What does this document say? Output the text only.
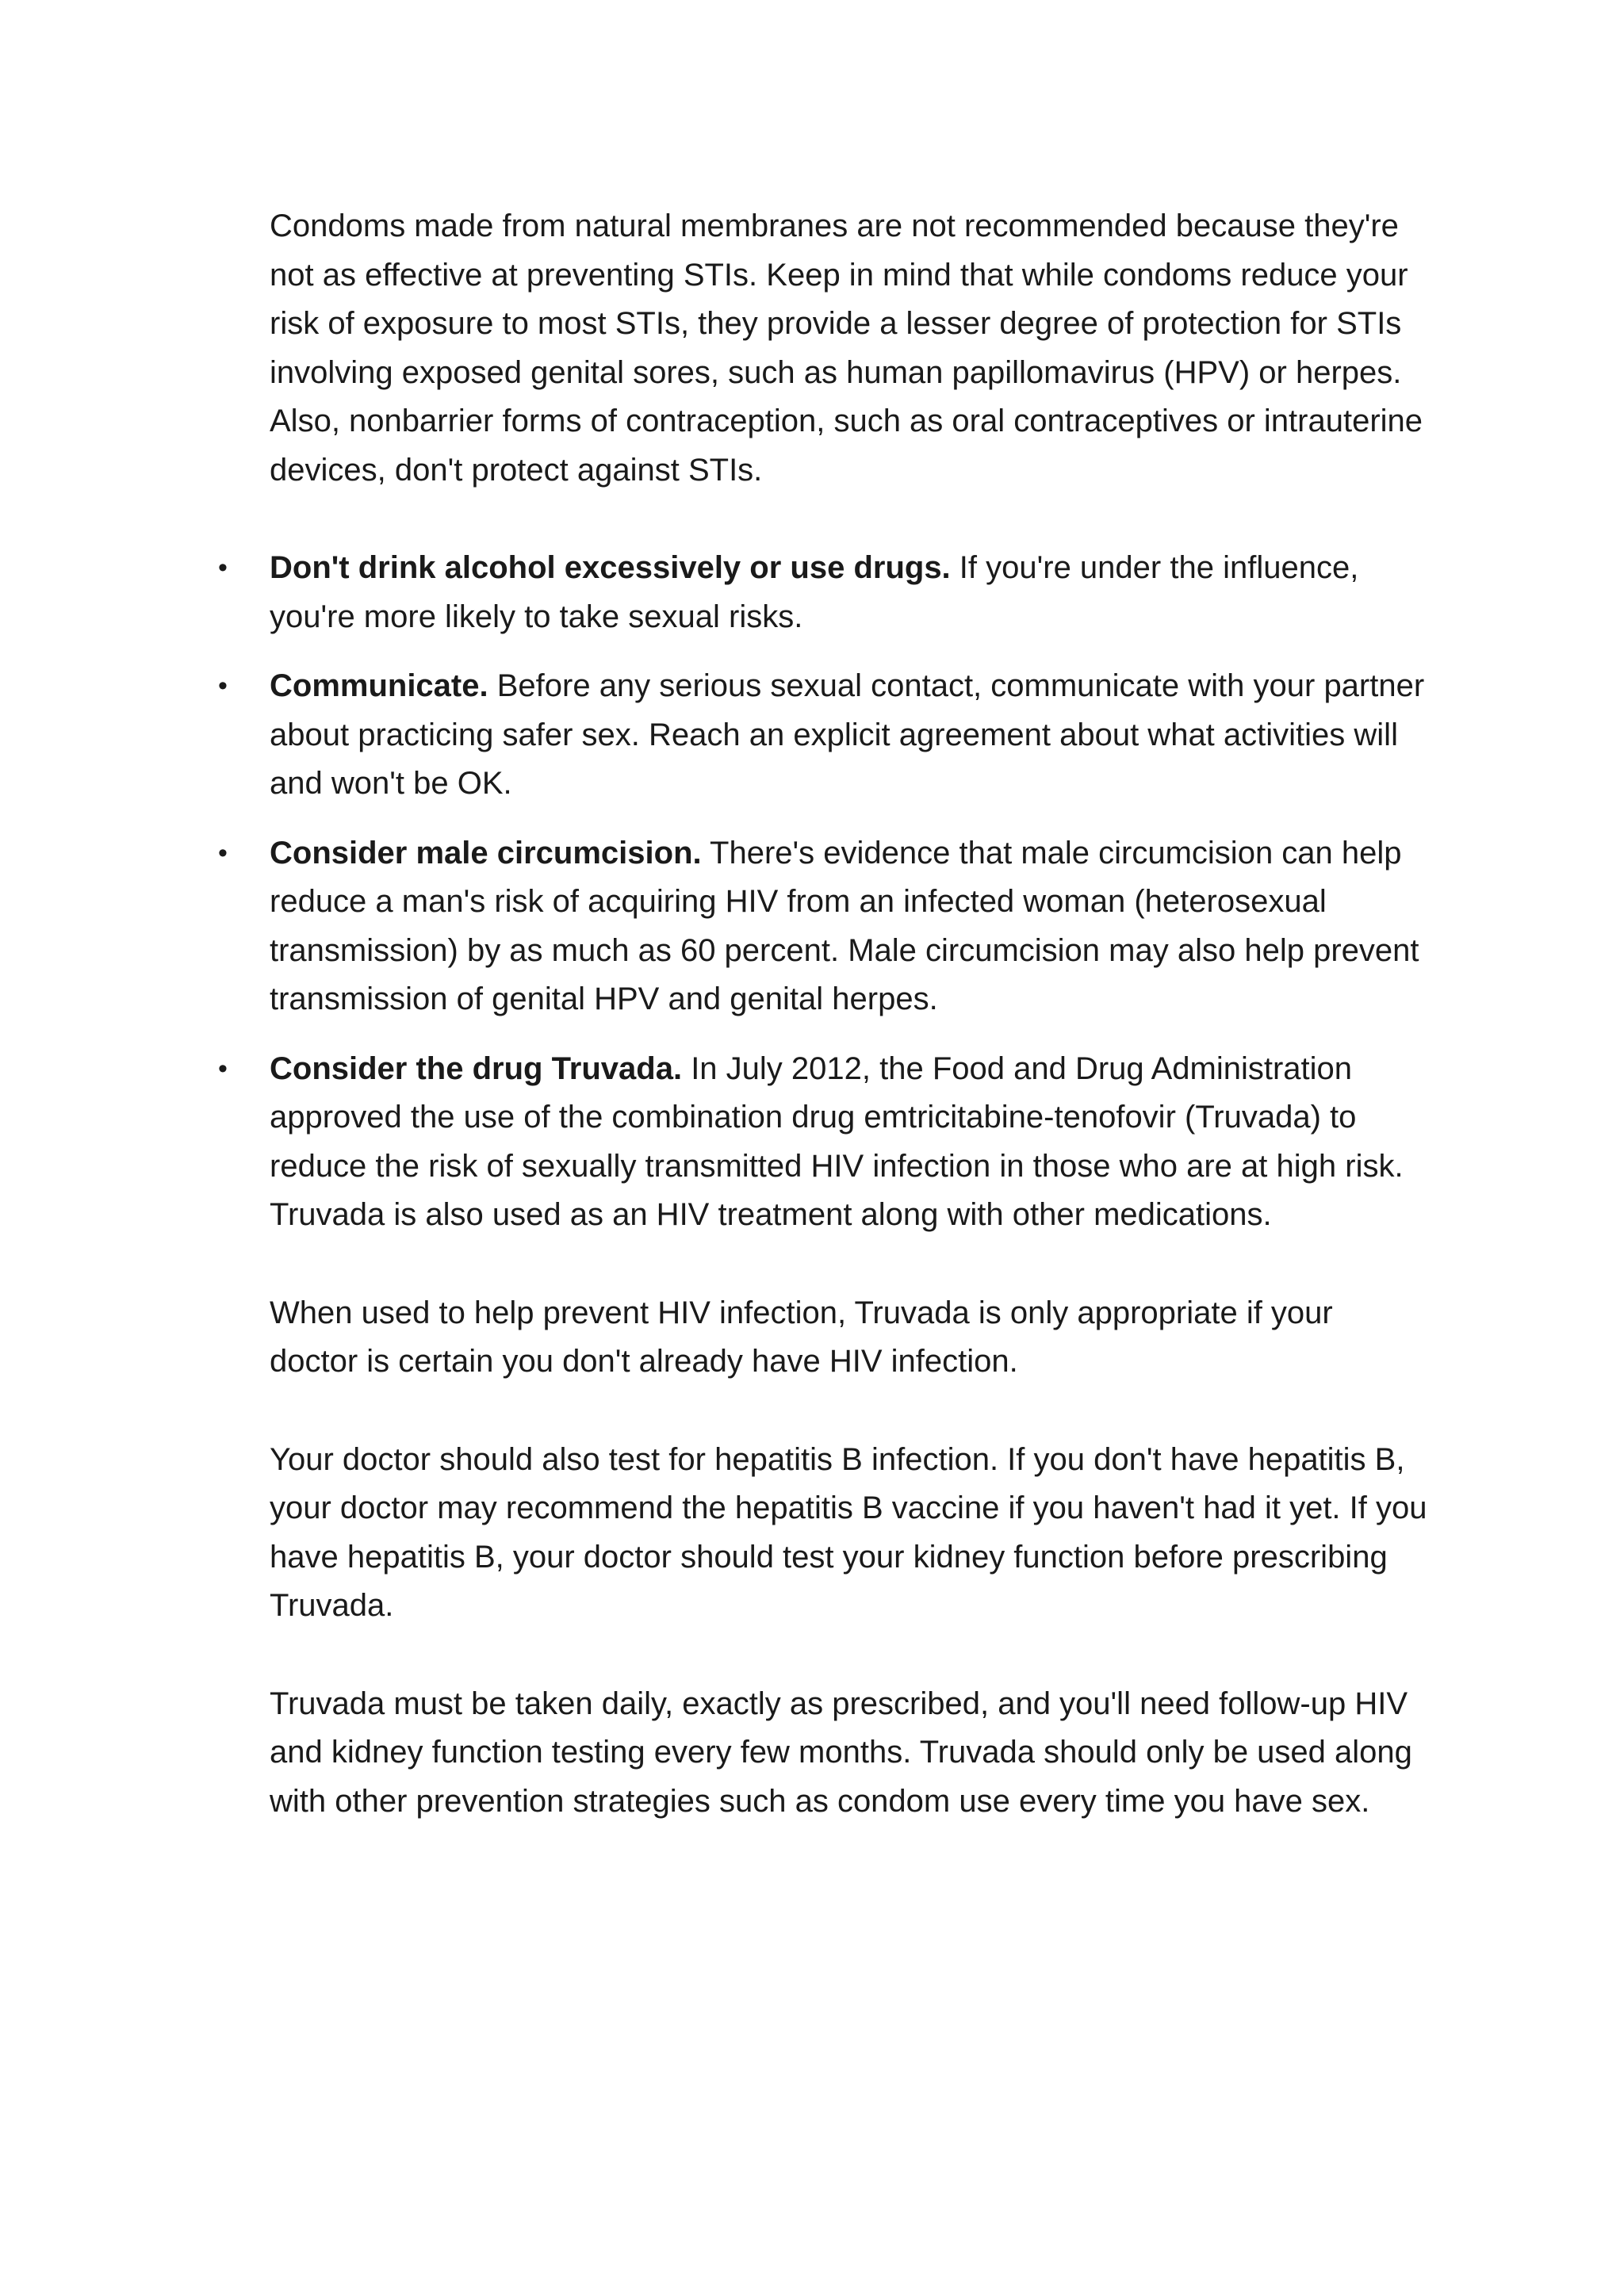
Condoms made from natural membranes are not recommended because they're not as effective at preventing STIs. Keep in mind that while condoms reduce your risk of exposure to most STIs, they provide a lesser degree of protection for STIs involving exposed genital sores, such as human papillomavirus (HPV) or herpes. Also, nonbarrier forms of contraception, such as oral contraceptives or intrauterine devices, don't protect against STIs.

• Don't drink alcohol excessively or use drugs. If you're under the influence, you're more likely to take sexual risks.

• Communicate. Before any serious sexual contact, communicate with your partner about practicing safer sex. Reach an explicit agreement about what activities will and won't be OK.

• Consider male circumcision. There's evidence that male circumcision can help reduce a man's risk of acquiring HIV from an infected woman (heterosexual transmission) by as much as 60 percent. Male circumcision may also help prevent transmission of genital HPV and genital herpes.

• Consider the drug Truvada. In July 2012, the Food and Drug Administration approved the use of the combination drug emtricitabine-tenofovir (Truvada) to reduce the risk of sexually transmitted HIV infection in those who are at high risk. Truvada is also used as an HIV treatment along with other medications.

When used to help prevent HIV infection, Truvada is only appropriate if your doctor is certain you don't already have HIV infection.

Your doctor should also test for hepatitis B infection. If you don't have hepatitis B, your doctor may recommend the hepatitis B vaccine if you haven't had it yet. If you have hepatitis B, your doctor should test your kidney function before prescribing Truvada.

Truvada must be taken daily, exactly as prescribed, and you'll need follow-up HIV and kidney function testing every few months. Truvada should only be used along with other prevention strategies such as condom use every time you have sex.
